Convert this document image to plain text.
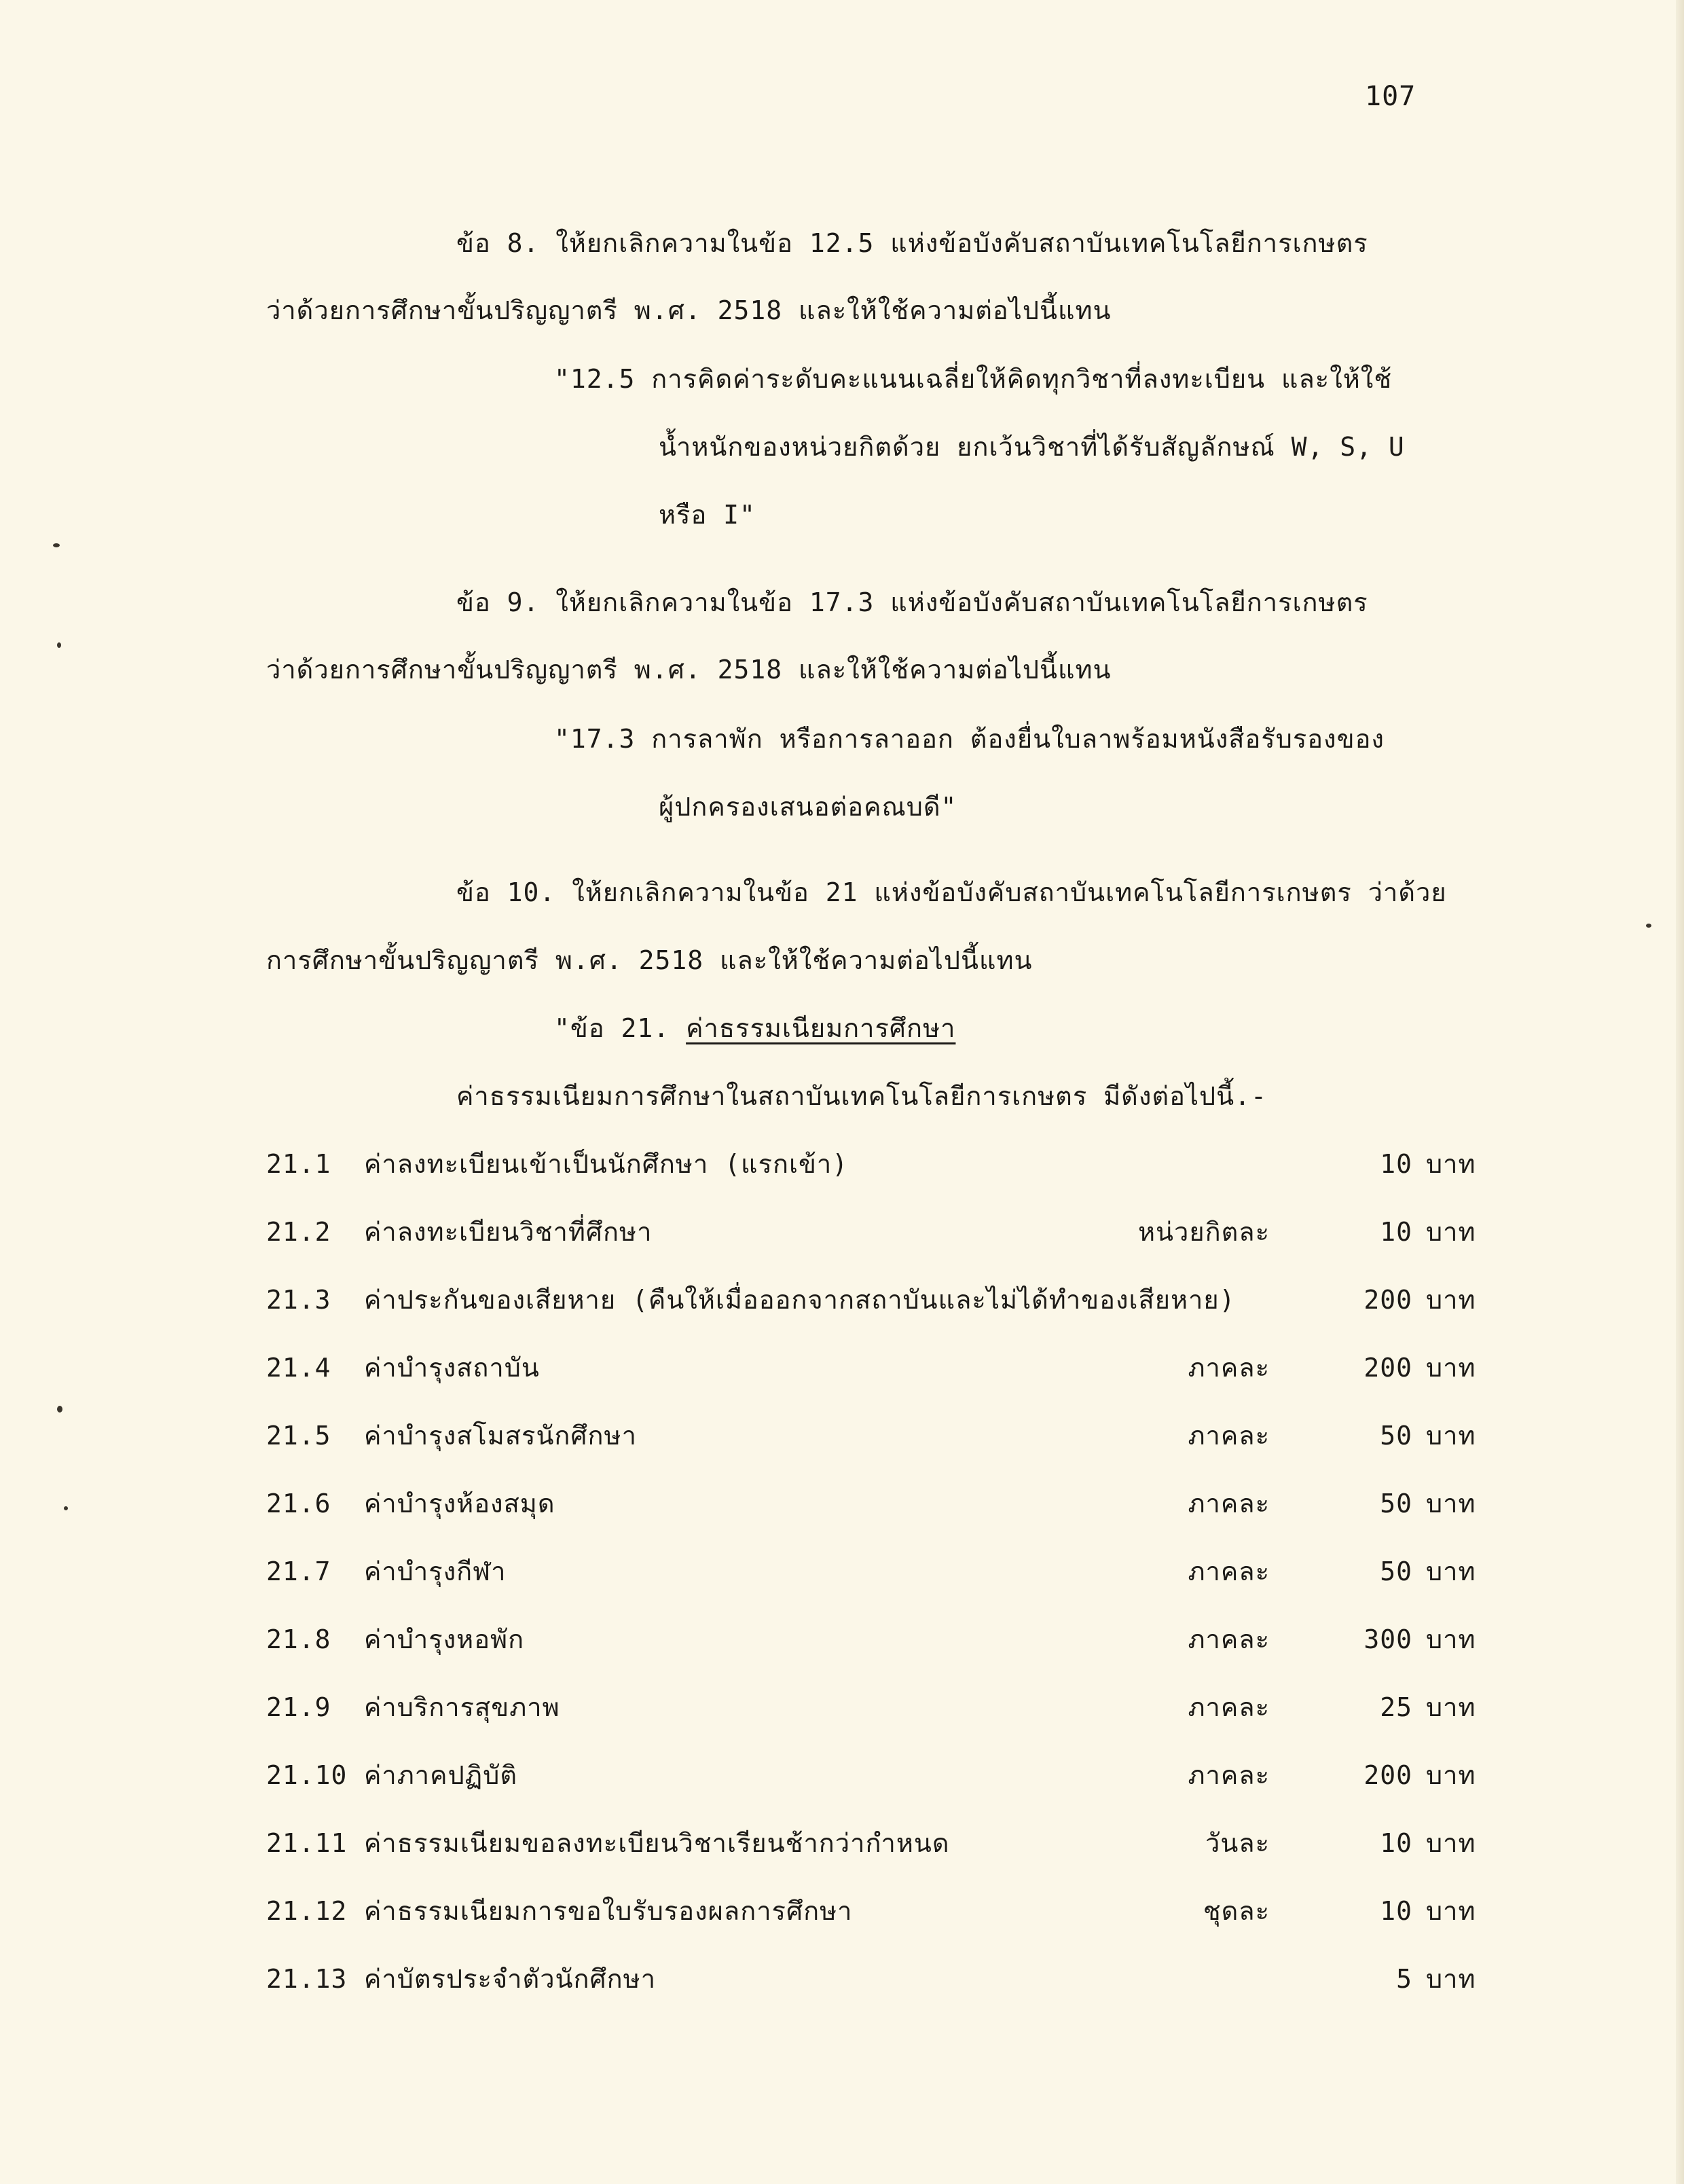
107
ข้อ 8. ให้ยกเลิกความในข้อ 12.5 แห่งข้อบังคับสถาบันเทคโนโลยีการเกษตร
ว่าด้วยการศึกษาขั้นปริญญาตรี พ.ศ. 2518 และให้ใช้ความต่อไปนี้แทน
"12.5 การคิดค่าระดับคะแนนเฉลี่ยให้คิดทุกวิชาที่ลงทะเบียน และให้ใช้
น้ำหนักของหน่วยกิตด้วย ยกเว้นวิชาที่ได้รับสัญลักษณ์ W, S, U
หรือ I"
ข้อ 9. ให้ยกเลิกความในข้อ 17.3 แห่งข้อบังคับสถาบันเทคโนโลยีการเกษตร
ว่าด้วยการศึกษาขั้นปริญญาตรี พ.ศ. 2518 และให้ใช้ความต่อไปนี้แทน
"17.3 การลาพัก หรือการลาออก ต้องยื่นใบลาพร้อมหนังสือรับรองของ
ผู้ปกครองเสนอต่อคณบดี"
ข้อ 10. ให้ยกเลิกความในข้อ 21 แห่งข้อบังคับสถาบันเทคโนโลยีการเกษตร ว่าด้วย
การศึกษาขั้นปริญญาตรี พ.ศ. 2518 และให้ใช้ความต่อไปนี้แทน
"ข้อ 21. ค่าธรรมเนียมการศึกษา
ค่าธรรมเนียมการศึกษาในสถาบันเทคโนโลยีการเกษตร มีดังต่อไปนี้.-
21.1 ค่าลงทะเบียนเข้าเป็นนักศึกษา (แรกเข้า)	10 บาท
21.2 ค่าลงทะเบียนวิชาที่ศึกษา	หน่วยกิตละ	10 บาท
21.3 ค่าประกันของเสียหาย (คืนให้เมื่อออกจากสถาบันและไม่ได้ทำของเสียหาย)	200 บาท
21.4 ค่าบำรุงสถาบัน	ภาคละ	200 บาท
21.5 ค่าบำรุงสโมสรนักศึกษา	ภาคละ	50 บาท
21.6 ค่าบำรุงห้องสมุด	ภาคละ	50 บาท
21.7 ค่าบำรุงกีฬา	ภาคละ	50 บาท
21.8 ค่าบำรุงหอพัก	ภาคละ	300 บาท
21.9 ค่าบริการสุขภาพ	ภาคละ	25 บาท
21.10 ค่าภาคปฏิบัติ	ภาคละ	200 บาท
21.11 ค่าธรรมเนียมขอลงทะเบียนวิชาเรียนช้ากว่ากำหนด	วันละ	10 บาท
21.12 ค่าธรรมเนียมการขอใบรับรองผลการศึกษา	ชุดละ	10 บาท
21.13 ค่าบัตรประจำตัวนักศึกษา	5 บาท
